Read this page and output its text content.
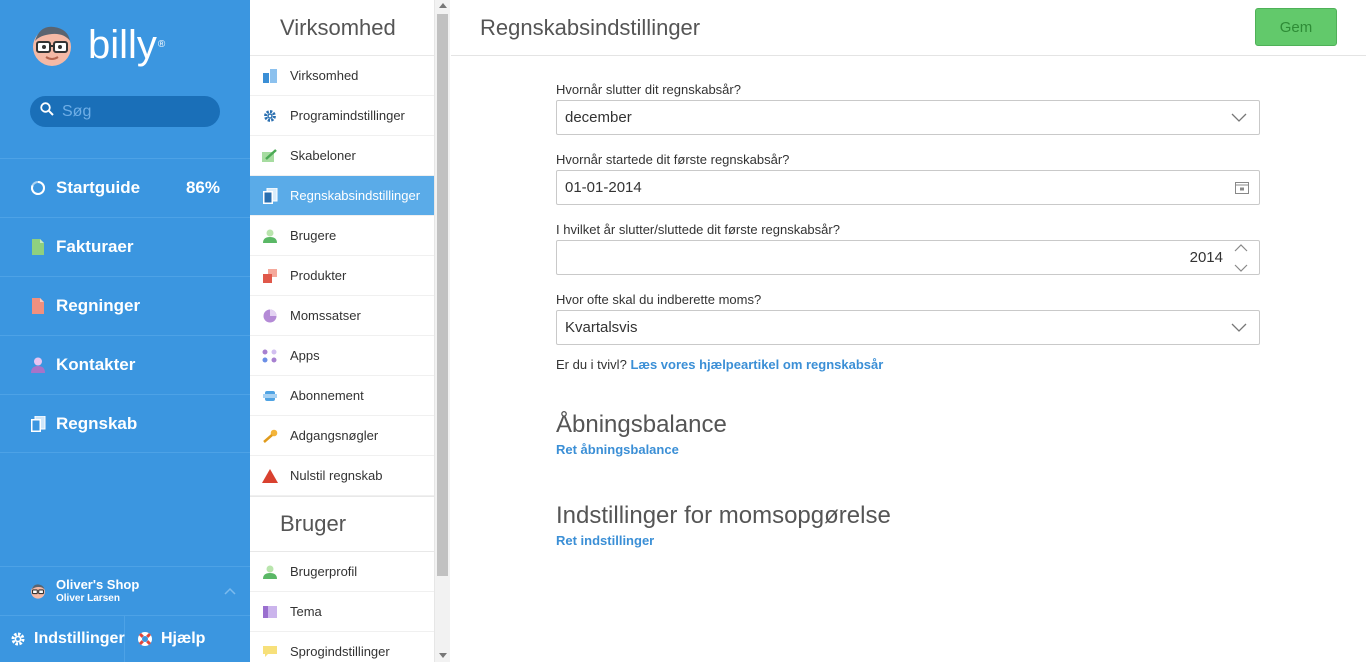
billy®
Søg
Startguide	86%
Fakturaer
Regninger
Kontakter
Regnskab
Oliver's Shop
Oliver Larsen
Indstillinger Hjælp
Virksomhed
Virksomhed
Programindstillinger
Skabeloner
Regnskabsindstillinger
Brugere
Produkter
Momssatser
Apps
Abonnement
Adgangsnøgler
Nulstil regnskab
Bruger
Brugerprofil
Tema
Sprogindstillinger
Regnskabsindstillinger	Gem
Hvornår slutter dit regnskabsår?
december
Hvornår startede dit første regnskabsår?
01-01-2014
I hvilket år slutter/sluttede dit første regnskabsår?
2014
Hvor ofte skal du indberette moms?
Kvartalsvis
Er du i tvivl? Læs vores hjælpeartikel om regnskabsår
Åbningsbalance
Ret åbningsbalance
Indstillinger for momsopgørelse
Ret indstillinger
